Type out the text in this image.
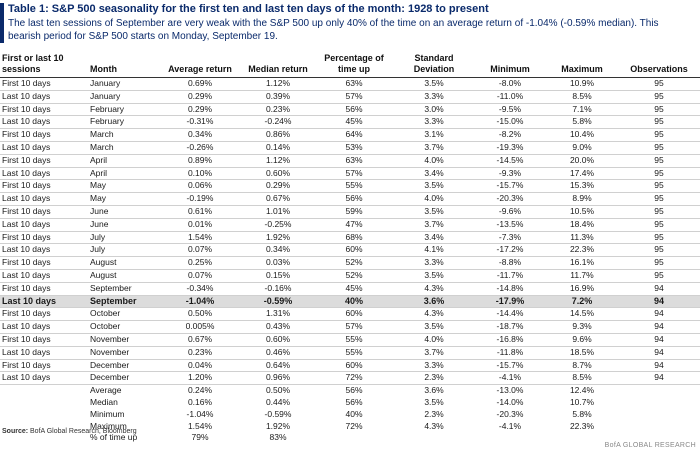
Table 1: S&P 500 seasonality for the first ten and last ten days of the month: 1928 to present
The last ten sessions of September are very weak with the S&P 500 up only 40% of the time on an average return of -1.04% (-0.59% median). This bearish period for S&P 500 starts on Monday, September 19.
First or last 10 sessions	Month	Average return	Median return	Percentage of time up	Standard Deviation	Minimum	Maximum	Observations
First 10 days	January	0.69%	1.12%	63%	3.5%	-8.0%	10.9%	95
Last 10 days	January	0.29%	0.39%	57%	3.3%	-11.0%	8.5%	95
First 10 days	February	0.29%	0.23%	56%	3.0%	-9.5%	7.1%	95
Last 10 days	February	-0.31%	-0.24%	45%	3.3%	-15.0%	5.8%	95
First 10 days	March	0.34%	0.86%	64%	3.1%	-8.2%	10.4%	95
Last 10 days	March	-0.26%	0.14%	53%	3.7%	-19.3%	9.0%	95
First 10 days	April	0.89%	1.12%	63%	4.0%	-14.5%	20.0%	95
Last 10 days	April	0.10%	0.60%	57%	3.4%	-9.3%	17.4%	95
First 10 days	May	0.06%	0.29%	55%	3.5%	-15.7%	15.3%	95
Last 10 days	May	-0.19%	0.67%	56%	4.0%	-20.3%	8.9%	95
First 10 days	June	0.61%	1.01%	59%	3.5%	-9.6%	10.5%	95
Last 10 days	June	0.01%	-0.25%	47%	3.7%	-13.5%	18.4%	95
First 10 days	July	1.54%	1.92%	68%	3.4%	-7.3%	11.3%	95
Last 10 days	July	0.07%	0.34%	60%	4.1%	-17.2%	22.3%	95
First 10 days	August	0.25%	0.03%	52%	3.3%	-8.8%	16.1%	95
Last 10 days	August	0.07%	0.15%	52%	3.5%	-11.7%	11.7%	95
First 10 days	September	-0.34%	-0.16%	45%	4.3%	-14.8%	16.9%	94
Last 10 days	September	-1.04%	-0.59%	40%	3.6%	-17.9%	7.2%	94
First 10 days	October	0.50%	1.31%	60%	4.3%	-14.4%	14.5%	94
Last 10 days	October	0.005%	0.43%	57%	3.5%	-18.7%	9.3%	94
First 10 days	November	0.67%	0.60%	55%	4.0%	-16.8%	9.6%	94
Last 10 days	November	0.23%	0.46%	55%	3.7%	-11.8%	18.5%	94
First 10 days	December	0.04%	0.64%	60%	3.3%	-15.7%	8.7%	94
Last 10 days	December	1.20%	0.96%	72%	2.3%	-4.1%	8.5%	94
	Average	0.24%	0.50%	56%	3.6%	-13.0%	12.4%	
	Median	0.16%	0.44%	56%	3.5%	-14.0%	10.7%	
	Minimum	-1.04%	-0.59%	40%	2.3%	-20.3%	5.8%	
	Maximum	1.54%	1.92%	72%	4.3%	-4.1%	22.3%	
	% of time up	79%	83%					
Source: BofA Global Research, Bloomberg
BofA GLOBAL RESEARCH
